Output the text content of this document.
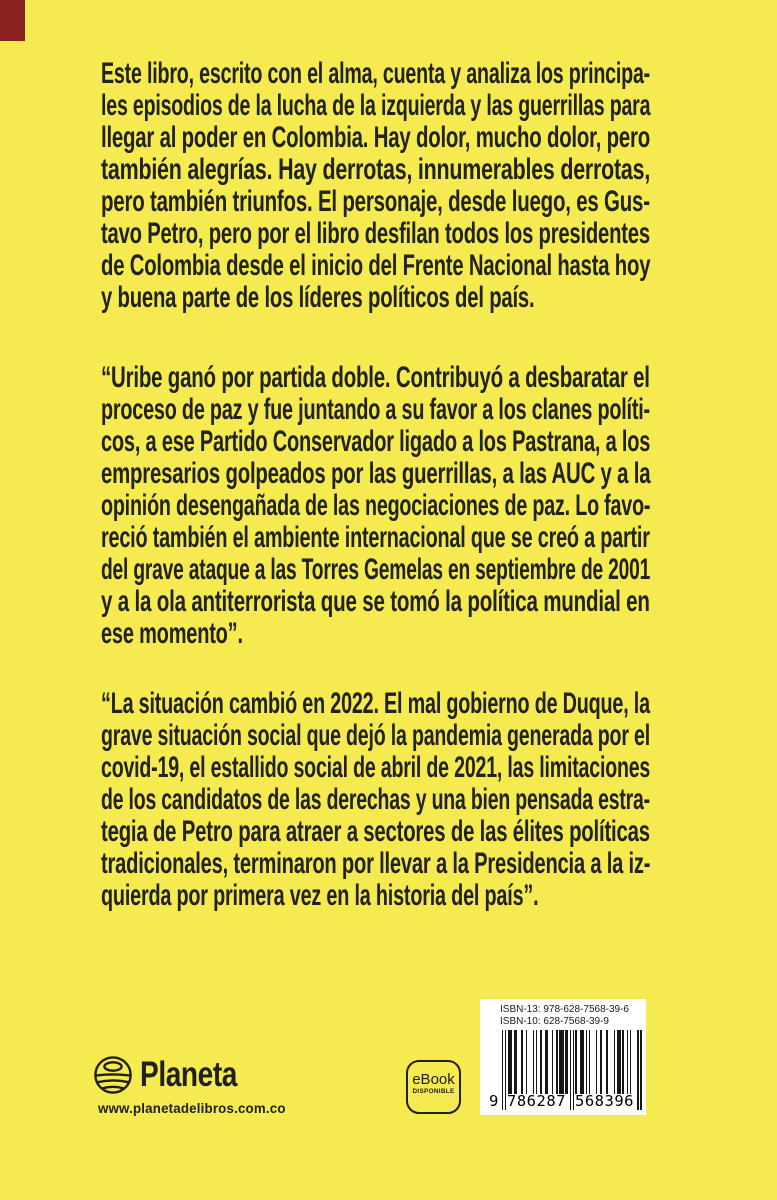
Este libro, escrito con el alma, cuenta y analiza los principa-
les episodios de la lucha de la izquierda y las guerrillas para
llegar al poder en Colombia. Hay dolor, mucho dolor, pero
también alegrías. Hay derrotas, innumerables derrotas,
pero también triunfos. El personaje, desde luego, es Gus-
tavo Petro, pero por el libro desfilan todos los presidentes
de Colombia desde el inicio del Frente Nacional hasta hoy
y buena parte de los líderes políticos del país.
“Uribe ganó por partida doble. Contribuyó a desbaratar el
proceso de paz y fue juntando a su favor a los clanes políti-
cos, a ese Partido Conservador ligado a los Pastrana, a los
empresarios golpeados por las guerrillas, a las AUC y a la
opinión desengañada de las negociaciones de paz. Lo favo-
reció también el ambiente internacional que se creó a partir
del grave ataque a las Torres Gemelas en septiembre de 2001
y a la ola antiterrorista que se tomó la política mundial en
ese momento”.
“La situación cambió en 2022. El mal gobierno de Duque, la
grave situación social que dejó la pandemia generada por el
covid-19, el estallido social de abril de 2021, las limitaciones
de los candidatos de las derechas y una bien pensada estra-
tegia de Petro para atraer a sectores de las élites políticas
tradicionales, terminaron por llevar a la Presidencia a la iz-
quierda por primera vez en la historia del país”.
Planeta
www.planetadelibros.com.co
eBook
DISPONIBLE
ISBN-13: 978-628-7568-39-6
ISBN-10: 628-7568-39-9
9 786287 568396
